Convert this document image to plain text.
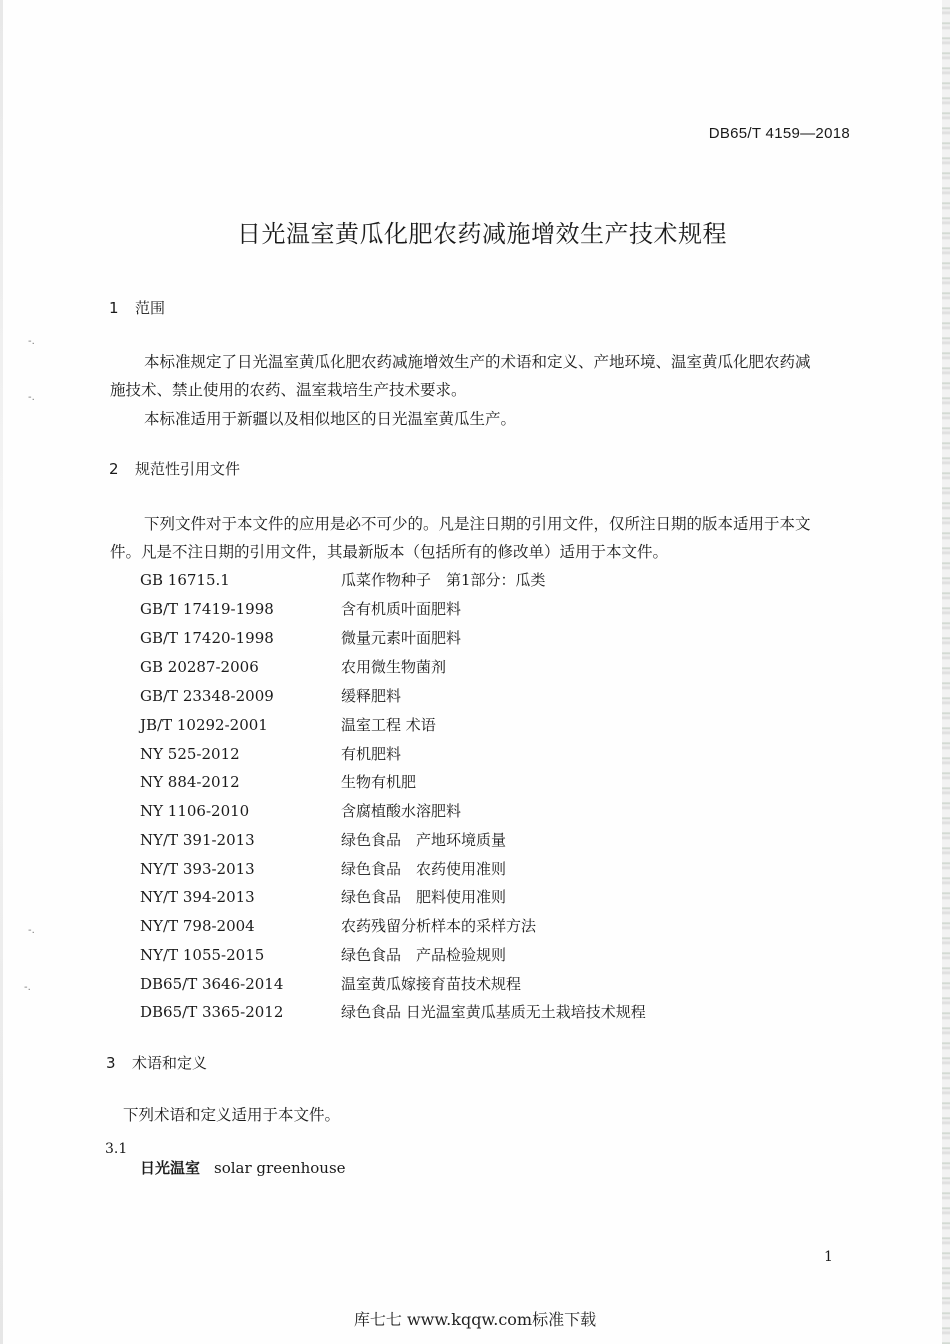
-.
-.
-.
-.
DB65/T 4159—2018
日光温室黄瓜化肥农药减施增效生产技术规程
1 范围
本标准规定了日光温室黄瓜化肥农药减施增效生产的术语和定义、产地环境、温室黄瓜化肥农药减
施技术、禁止使用的农药、温室栽培生产技术要求。
本标准适用于新疆以及相似地区的日光温室黄瓜生产。
2 规范性引用文件
下列文件对于本文件的应用是必不可少的。凡是注日期的引用文件，仅所注日期的版本适用于本文
件。凡是不注日期的引用文件，其最新版本（包括所有的修改单）适用于本文件。
GB 16715.1	瓜菜作物种子　第1部分：瓜类
GB/T 17419-1998	含有机质叶面肥料
GB/T 17420-1998	微量元素叶面肥料
GB 20287-2006	农用微生物菌剂
GB/T 23348-2009	缓释肥料
JB/T 10292-2001	温室工程 术语
NY 525-2012	有机肥料
NY 884-2012	生物有机肥
NY 1106-2010	含腐植酸水溶肥料
NY/T 391-2013	绿色食品　产地环境质量
NY/T 393-2013	绿色食品　农药使用准则
NY/T 394-2013	绿色食品　肥料使用准则
NY/T 798-2004	农药残留分析样本的采样方法
NY/T 1055-2015	绿色食品　产品检验规则
DB65/T 3646-2014	温室黄瓜嫁接育苗技术规程
DB65/T 3365-2012	绿色食品 日光温室黄瓜基质无土栽培技术规程
3 术语和定义
下列术语和定义适用于本文件。
3.1
日光温室 solar greenhouse
1
库七七 www.kqqw.com标准下载
